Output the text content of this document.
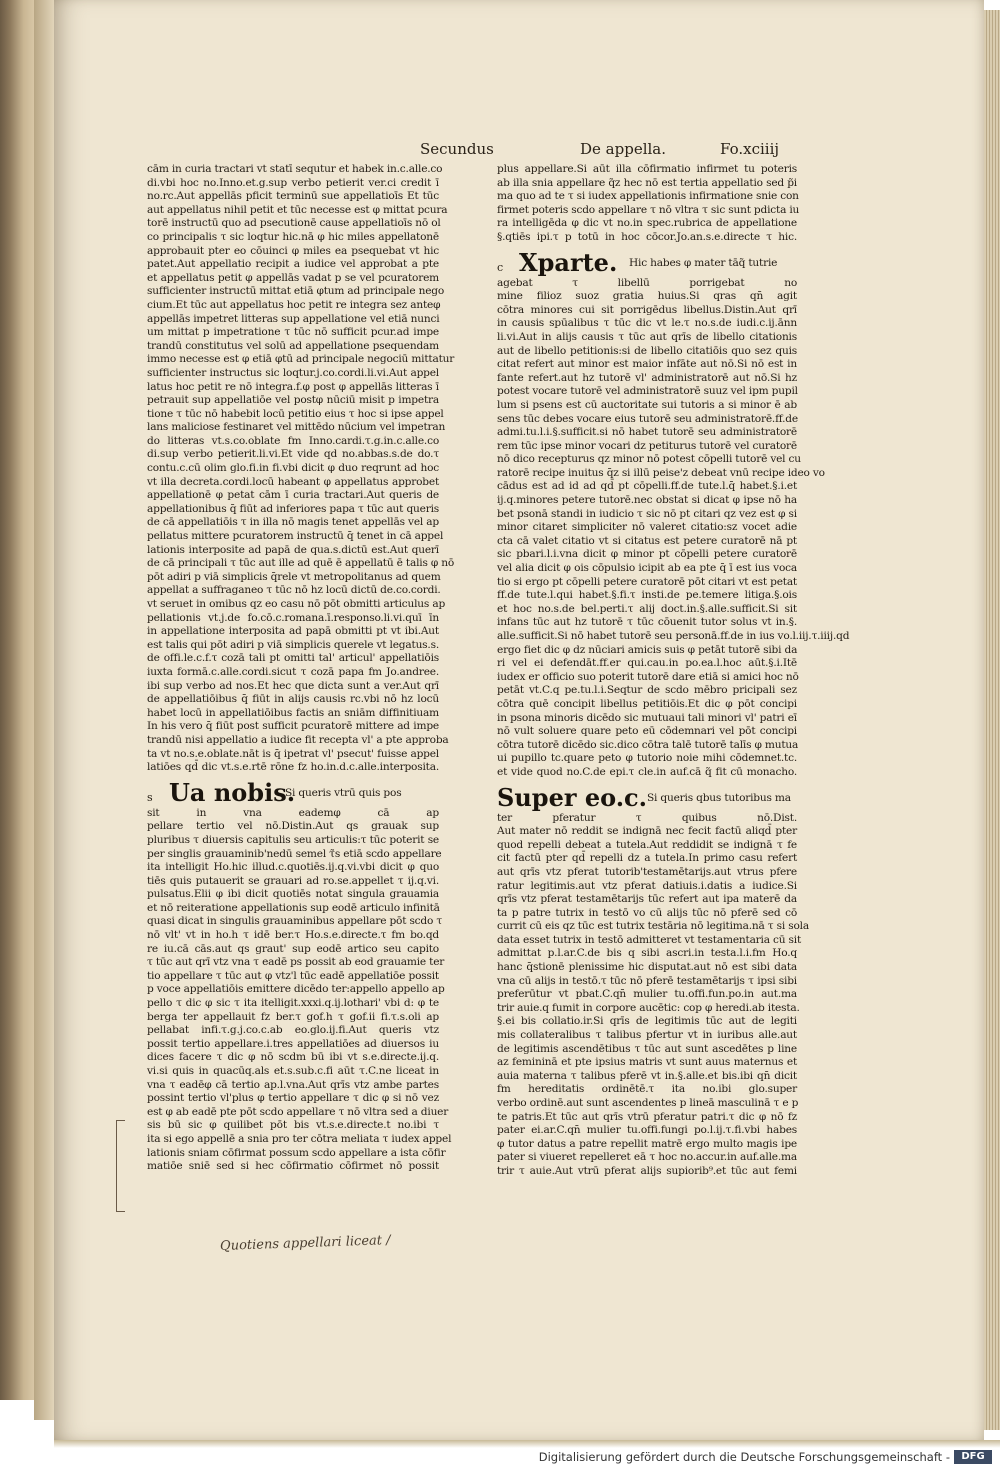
Secundus	De appella.	Fo.xciiij

cām in curia tractari vt statī sequtur et habek in.c.alle.co
di.vbi hoc no.Inno.et.g.sup verbo petierit ver.ci credit ī
no.rc.Aut appellās pficit terminū sue appellatioīs Et tūc
aut appellatus nihil petit et tūc necesse est φ mittat pcura
torē instructū quo ad psecutionē cause appellatioīs nō ol
co principalis τ sic loqtur hic.nā φ hic miles appellatonē
approbauit pter eo cōuinci φ miles ea psequebat vt hic
patet.Aut appellatio recipit a iudice vel approbat a pte
et appellatus petit φ appellās vadat p se vel pcuratorem
sufficienter instructū mittat etiā φtum ad principale nego
cium.Et tūc aut appellatus hoc petit re integra sez anteφ
appellās impetret litteras sup appellatione vel etiā nunci
um mittat p impetratione τ tūc nō sufficit pcur.ad impe
trandū constitutus vel solū ad appellatione psequendam
immo necesse est φ etiā φtū ad principale negociū mittatur
sufficienter instructus sic loqtur.j.co.cordi.li.vi.Aut appel
latus hoc petit re nō integra.f.φ post φ appellās litteras ī
petrauit sup appellatiōe vel postφ nūciū misit p impetra
tione τ tūc nō habebit locū petitio eius τ hoc si ipse appel
lans maliciose festinaret vel mittēdo nūcium vel impetran
do litteras vt.s.co.oblate fm Inno.cardi.τ.g.in.c.alle.co
di.sup verbo petierit.li.vi.Et vide qd no.abbas.s.de do.τ
contu.c.cū olim glo.fi.in fi.vbi dicit φ duo reqrunt ad hoc
vt illa decreta.cordi.locū habeant φ appellatus approbet
appellationē φ petat cām ī curia tractari.Aut queris de
appellationibus q̄ fiūt ad inferiores papa τ tūc aut queris
de cā appellatiōis τ in illa nō magis tenet appellās vel ap
pellatus mittere pcuratorem instructū q̄ tenet in cā appel
lationis interposite ad papā de qua.s.dictū est.Aut querī
de cā principali τ tūc aut ille ad quē ē appellatū ē talis φ nō
pōt adiri p viā simplicis q̄rele vt metropolitanus ad quem
appellat a suffraganeo τ tūc nō hz locū dictū de.co.cordi.
vt seruet in omibus qz eo casu nō pōt obmitti articulus ap
pellationis vt.j.de fo.cō.c.romana.ī.responso.li.vi.quī īn
in appellatione interposita ad papā obmitti pt vt ibi.Aut
est talis qui pōt adiri p viā simplicis querele vt legatus.s.
de offi.le.c.f.τ cozā tali pt omitti tal' articul' appellatiōis
iuxta formā.c.alle.cordi.sicut τ cozā papa fm Jo.andree.
ibi sup verbo ad nos.Et hec que dicta sunt a ver.Aut qrī
de appellatiōibus q̄ fiūt in alijs causis rc.vbi nō hz locū
habet locū in appellatiōibus factis an sniām diffinitiuam
In his vero q̄ fiūt post sufficit pcuratorē mittere ad impe
trandū nisi appellatio a iudice fit recepta vl' a pte approba
ta vt no.s.e.oblate.nāt is q̄ ipetrat vl' psecut' fuisse appel
latiōes qd̄ dic vt.s.e.rtē rōne fz ho.in.d.c.alle.interposita.

s Ua nobis.
Si queris vtrū quis pos

sit in vna eademφ cā ap
pellare tertio vel nō.Distin.Aut qs grauak sup
pluribus τ diuersis capitulis seu articulis:τ tūc poterit se
per singlis grauaminib'nedū semel τ̃s etiā scdo appellare
ita intelligit Ho.hic illud.c.quotiēs.ij.q.vi.vbi dicit φ quo
tiēs quis putauerit se grauari ad ro.se.appellet τ ij.q.vi.
pulsatus.Elii φ ibi dicit quotiēs notat singula grauamia
et nō reiteratione appellationis sup eodē articulo infinitā
quasi dicat in singulis grauaminibus appellare pōt scdo τ
nō vlt' vt in ho.h τ idē ber.τ Ho.s.e.directe.τ fm bo.qd
re iu.cā cās.aut qs graut' sup eodē artico seu capito
τ tūc aut qrī vtz vna τ eadē ps possit ab eod grauamie ter
tio appellare τ tūc aut φ vtz'l tūc eadē appellatiōe possit
p voce appellatiōis emittere dicēdo ter:appello appello ap
pello τ dic φ sic τ ita itelligit.xxxi.q.ij.lothari' vbi d: φ te
berga ter appellauit fz ber.τ gof.h τ gof.ii fi.τ.s.oli ap
pellabat infi.τ.g.j.co.c.ab eo.glo.ij.fi.Aut queris vtz
possit tertio appellare.i.tres appellatiōes ad diuersos iu
dices facere τ dic φ nō scdm bū ibi vt s.e.directe.ij.q.
vi.si quis in quacūq.als et.s.sub.c.fi aūt τ.C.ne liceat in
vna τ eadēφ cā tertio ap.l.vna.Aut qrīs vtz ambe partes
possint tertio vl'plus φ tertio appellare τ dic φ si nō vez
est φ ab eadē pte pōt scdo appellare τ nō vltra sed a diuer
sis bū sic φ quilibet pōt bis vt.s.e.directe.t no.ibi τ
ita si ego appellē a snia pro ter cōtra meliata τ iudex appel
lationis sniam cōfirmat possum scdo appellare a ista cōfir
matiōe sniē sed si hec cōfirmatio cōfirmet nō possit

plus appellare.Si aūt illa cōfirmatio infirmet tu poteris
ab illa snia appellare q̃z hec nō est tertia appellatio sed p̃i
ma quo ad te τ si iudex appellationis infirmatione snie con
firmet poteris scdo appellare τ nō vltra τ sic sunt pdicta iu
ra intelligēda φ dic vt no.in spec.rubrica de appellatione
§.qtiēs ipi.τ p totū in hoc cōcor.Jo.an.s.e.directe τ hic.

c Xparte. Hic habes φ mater tāq̃ tutrie

agebat τ libellū porrigebat no
mine filioz suoz gratia huius.Si qras qn̄ agit
cōtra minores cui sit porrigēdus libellus.Distin.Aut qrī
in causis spūalibus τ tūc dic vt le.τ no.s.de iudi.c.ij.ānn
li.vi.Aut in alijs causis τ tūc aut qrīs de libello citationis
aut de libello petitionis:si de libello citatiōis quo sez quis
citat refert aut minor est maior infāte aut nō.Si nō est in
fante refert.aut hz tutorē vl' administratorē aut nō.Si hz
potest vocare tutorē vel administratorē suuz vel ipm pupil
lum si psens est cū auctoritate sui tutoris a si minor ē ab
sens tūc debes vocare eius tutorē seu administratorē.ff.de
admi.tu.l.i.§.sufficit.si nō habet tutorē seu administratorē
rem tūc ipse minor vocari dz petiturus tutorē vel curatorē
nō dico recepturus qz minor nō potest cōpelli tutorē vel cu
ratorē recipe inuitus q̄z si illū peise'z debeat vnū recipe ideo vo
cādus est ad id ad qd̄ pt cōpelli.ff.de tute.l.q̄ habet.§.i.et
ij.q.minores petere tutorē.nec obstat si dicat φ ipse nō ha
bet psonā standi in iudicio τ sic nō pt citari qz vez est φ si
minor citaret simpliciter nō valeret citatio:sz vocet adie
cta cā valet citatio vt si citatus est petere curatorē nā pt
sic pbari.l.i.vna dicit φ minor pt cōpelli petere curatorē
vel alia dicit φ ois cōpulsio icipit ab ea pte q̄ ī est ius voca
tio si ergo pt cōpelli petere curatorē pōt citari vt est petat
ff.de tute.l.qui habet.§.fi.τ insti.de pe.temere litiga.§.ois
et hoc no.s.de bel.perti.τ alij doct.in.§.alle.sufficit.Si sit
infans tūc aut hz tutorē τ tūc cōuenit tutor solus vt in.§.
alle.sufficit.Si nō habet tutorē seu personā.ff.de in ius vo.l.iij.τ.iiij.qd
ergo fiet dic φ dz nūciari amicis suis φ petāt tutorē sibi da
ri vel ei defendāt.ff.er qui.cau.in po.ea.l.hoc aūt.§.i.Itē
iudex er officio suo poterit tutorē dare etiā si amici hoc nō
petāt vt.C.q pe.tu.l.i.Seqtur de scdo mēbro pricipali sez
cōtra quē concipit libellus petitiōis.Et dic φ pōt concipi
in psona minoris dicēdo sic mutuaui tali minori vl' patri eī
nō vult soluere quare peto eū cōdemnari vel pōt concipi
cōtra tutorē dicēdo sic.dico cōtra talē tutorē talīs φ mutua
ui pupillo tc.quare peto φ tutorio noie mihi cōdemnet.tc.
et vide quod no.C.de epi.τ cle.in auf.cā q̃ fit cū monacho.

Super eo.c. Si queris qbus tutoribus ma

ter pferatur τ quibus nō.Dist.
Aut mater nō reddit se indignā nec fecit factū aliqd̄ pter
quod repelli debeat a tutela.Aut reddidit se indignā τ fe
cit factū pter qd̄ repelli dz a tutela.In primo casu refert
aut qrīs vtz pferat tutorib'testamētarijs.aut vtrus pfere
ratur legitimis.aut vtz pferat datiuis.i.datis a iudice.Si
qrīs vtz pferat testamētarijs tūc refert aut ipa materē da
ta p patre tutrix in testō vo cū alijs tūc nō pferē sed cō
currit cū eis qz tūc est tutrix testāria nō legitima.nā τ si sola
data esset tutrix in testō admitteret vt testamentaria cū sit
admittat p.l.ar.C.de bis q sibi ascri.in testa.l.i.fm Ho.q
hanc q̄stionē plenissime hic disputat.aut nō est sibi data
vna cū alijs in testō.τ tūc nō pferē testamētarijs τ ipsi sibi
preferūtur vt pbat.C.qn̄ mulier tu.offi.fun.po.in aut.ma
trir auie.q fumit in corpore aucētic: cop φ heredi.ab itesta.
§.ei bis collatio.ir.Si qrīs de legitimis tūc aut de legiti
mis collateralibus τ talibus pfertur vt in iuribus alle.aut
de legitimis ascendētibus τ tūc aut sunt ascedētes p line
az femininā et pte ipsius matris vt sunt auus maternus et
auia materna τ talibus pferē vt in.§.alle.et bis.ibi qn̄ dicit
fm hereditatis ordinētē.τ ita no.ibi glo.super
verbo ordinē.aut sunt ascendentes p lineā masculinā τ e p
te patris.Et tūc aut qrīs vtrū pferatur patri.τ dic φ nō fz
pater ei.ar.C.qn̄ mulier tu.offi.fungi po.l.ij.τ.fi.vbi habes
φ tutor datus a patre repellit matrē ergo multo magis ipe
pater si viueret repelleret eā τ hoc no.accur.in auf.alle.ma
trir τ auie.Aut vtrū pferat alijs supiorib⁹.et tūc aut femi

Quotiens appellari liceat /
Digitalisierung gefördert durch die Deutsche Forschungsgemeinschaft -	DFG
